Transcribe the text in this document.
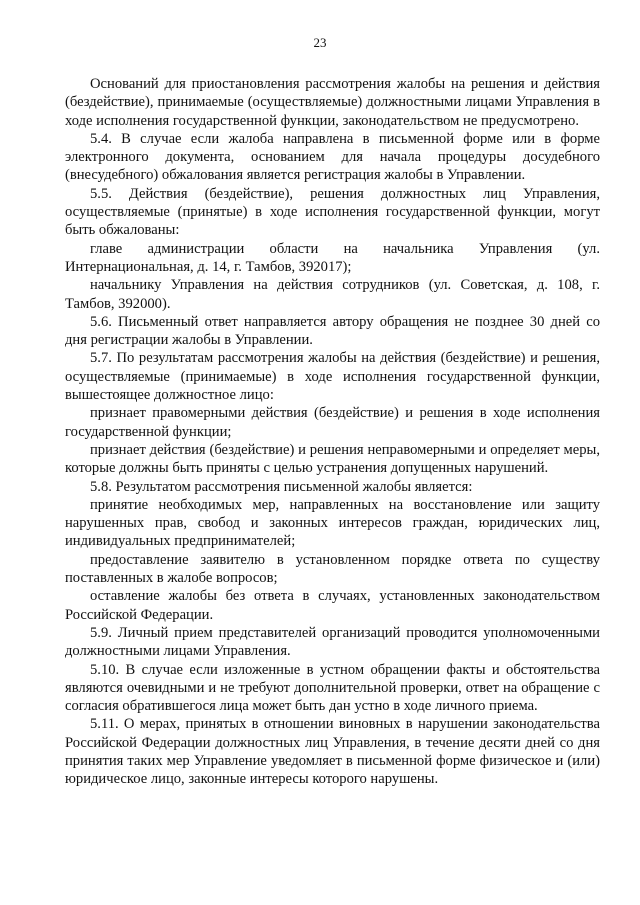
23

Оснований для приостановления рассмотрения жалобы на решения и действия (бездействие), принимаемые (осуществляемые) должностными лицами Управления в ходе исполнения государственной функции, законодательством не предусмотрено.

5.4. В случае если жалоба направлена в письменной форме или в форме электронного документа, основанием для начала процедуры досудебного (внесудебного) обжалования является регистрация жалобы в Управлении.

5.5. Действия (бездействие), решения должностных лиц Управления, осуществляемые (принятые) в ходе исполнения государственной функции, могут быть обжалованы:

главе администрации области на начальника Управления (ул. Интернациональная, д. 14, г. Тамбов, 392017);

начальнику Управления на действия сотрудников (ул. Советская, д. 108, г. Тамбов, 392000).

5.6. Письменный ответ направляется автору обращения не позднее 30 дней со дня регистрации жалобы в Управлении.

5.7. По результатам рассмотрения жалобы на действия (бездействие) и решения, осуществляемые (принимаемые) в ходе исполнения государственной функции, вышестоящее должностное лицо:

признает правомерными действия (бездействие) и решения в ходе исполнения государственной функции;

признает действия (бездействие) и решения неправомерными и определяет меры, которые должны быть приняты с целью устранения допущенных нарушений.

5.8. Результатом рассмотрения письменной жалобы является:

принятие необходимых мер, направленных на восстановление или защиту нарушенных прав, свобод и законных интересов граждан, юридических лиц, индивидуальных предпринимателей;

предоставление заявителю в установленном порядке ответа по существу поставленных в жалобе вопросов;

оставление жалобы без ответа в случаях, установленных законодательством Российской Федерации.

5.9. Личный прием представителей организаций проводится уполномоченными должностными лицами Управления.

5.10. В случае если изложенные в устном обращении факты и обстоятельства являются очевидными и не требуют дополнительной проверки, ответ на обращение с согласия обратившегося лица может быть дан устно в ходе личного приема.

5.11. О мерах, принятых в отношении виновных в нарушении законодательства Российской Федерации должностных лиц Управления, в течение десяти дней со дня принятия таких мер Управление уведомляет в письменной форме физическое и (или) юридическое лицо, законные интересы которого нарушены.
